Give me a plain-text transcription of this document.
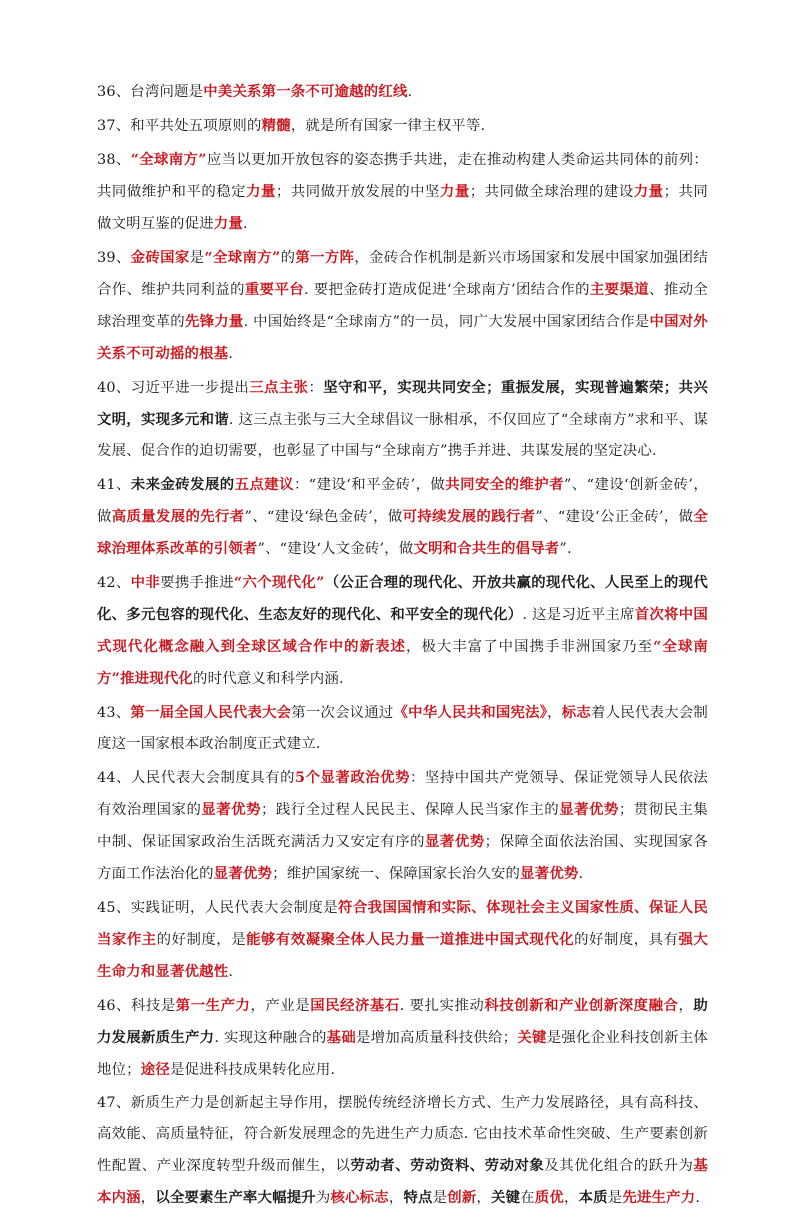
36、台湾问题是中美关系第一条不可逾越的红线.

37、和平共处五项原则的精髓，就是所有国家一律主权平等.

38、“全球南方”应当以更加开放包容的姿态携手共进，走在推动构建人类命运共同体的前列：共同做维护和平的稳定力量；共同做开放发展的中坚力量；共同做全球治理的建设力量；共同做文明互鉴的促进力量.

39、金砖国家是“全球南方”的第一方阵，金砖合作机制是新兴市场国家和发展中国家加强团结合作、维护共同利益的重要平台. 要把金砖打造成促进‘全球南方’团结合作的主要渠道、推动全球治理变革的先锋力量. 中国始终是“全球南方”的一员，同广大发展中国家团结合作是中国对外关系不可动摇的根基.

40、习近平进一步提出三点主张：坚守和平，实现共同安全；重振发展，实现普遍繁荣；共兴文明，实现多元和谐. 这三点主张与三大全球倡议一脉相承，不仅回应了“全球南方”求和平、谋发展、促合作的迫切需要，也彰显了中国与“全球南方”携手并进、共谋发展的坚定决心.

41、未来金砖发展的五点建议：“建设‘和平金砖’，做共同安全的维护者”、“建设‘创新金砖’，做高质量发展的先行者”、“建设‘绿色金砖’，做可持续发展的践行者”、“建设‘公正金砖’，做全球治理体系改革的引领者”、“建设‘人文金砖’，做文明和合共生的倡导者”.

42、中非要携手推进“六个现代化”（公正合理的现代化、开放共赢的现代化、人民至上的现代化、多元包容的现代化、生态友好的现代化、和平安全的现代化）. 这是习近平主席首次将中国式现代化概念融入到全球区域合作中的新表述，极大丰富了中国携手非洲国家乃至“全球南方”推进现代化的时代意义和科学内涵.

43、第一届全国人民代表大会第一次会议通过《中华人民共和国宪法》，标志着人民代表大会制度这一国家根本政治制度正式建立.

44、人民代表大会制度具有的5个显著政治优势：坚持中国共产党领导、保证党领导人民依法有效治理国家的显著优势；践行全过程人民民主、保障人民当家作主的显著优势；贯彻民主集中制、保证国家政治生活既充满活力又安定有序的显著优势；保障全面依法治国、实现国家各方面工作法治化的显著优势；维护国家统一、保障国家长治久安的显著优势.

45、实践证明，人民代表大会制度是符合我国国情和实际、体现社会主义国家性质、保证人民当家作主的好制度，是能够有效凝聚全体人民力量一道推进中国式现代化的好制度，具有强大生命力和显著优越性.

46、科技是第一生产力，产业是国民经济基石. 要扎实推动科技创新和产业创新深度融合，助力发展新质生产力. 实现这种融合的基础是增加高质量科技供给；关键是强化企业科技创新主体地位；途径是促进科技成果转化应用.

47、新质生产力是创新起主导作用，摆脱传统经济增长方式、生产力发展路径，具有高科技、高效能、高质量特征，符合新发展理念的先进生产力质态. 它由技术革命性突破、生产要素创新性配置、产业深度转型升级而催生，以劳动者、劳动资料、劳动对象及其优化组合的跃升为基本内涵，以全要素生产率大幅提升为核心标志，特点是创新，关键在质优，本质是先进生产力.
